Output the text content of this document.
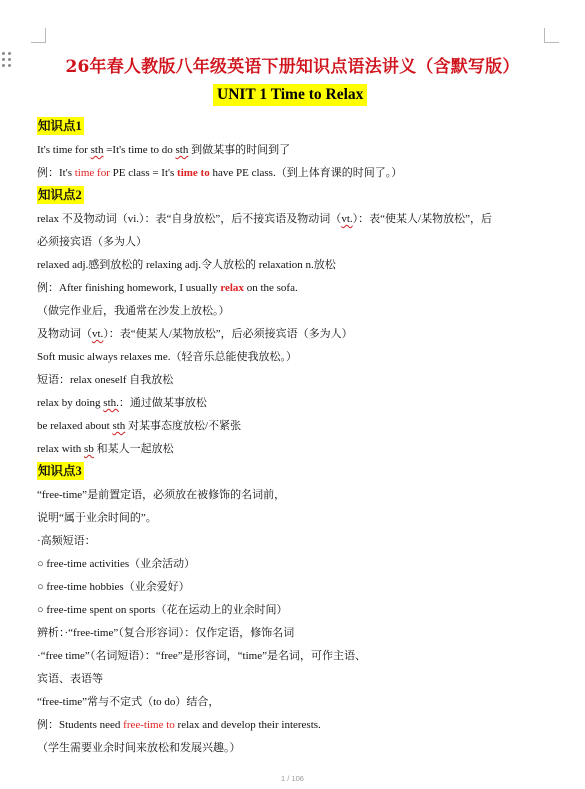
26年春人教版八年级英语下册知识点语法讲义（含默写版）
UNIT 1 Time to Relax
知识点1
It's time for sth =It's time to do sth 到做某事的时间到了
例：It's time for PE class = It's time to have PE class.（到上体育课的时间了。）
知识点2
relax 不及物动词（vi.）：表“自身放松”，后不接宾语及物动词（vt.）：表“使某人/某物放松”，后
必须接宾语（多为人）
relaxed adj.感到放松的 relaxing adj.令人放松的 relaxation n.放松
例：After finishing homework, I usually relax on the sofa.
（做完作业后，我通常在沙发上放松。）
及物动词（vt.）：表“使某人/某物放松”，后必须接宾语（多为人）
Soft music always relaxes me.（轻音乐总能使我放松。）
短语：relax oneself 自我放松
relax by doing sth.：通过做某事放松
be relaxed about sth 对某事态度放松/不紧张
relax with sb 和某人一起放松
知识点3
“free-time”是前置定语，必须放在被修饰的名词前，
说明“属于业余时间的”。
·高频短语：
○ free-time activities（业余活动）
○ free-time hobbies（业余爱好）
○ free-time spent on sports（花在运动上的业余时间）
辨析：·“free-time”（复合形容词）：仅作定语，修饰名词
·“free time”（名词短语）：“free”是形容词，“time”是名词，可作主语、
宾语、表语等
“free-time”常与不定式（to do）结合，
例：Students need free-time to relax and develop their interests.
（学生需要业余时间来放松和发展兴趣。）
1 / 106
